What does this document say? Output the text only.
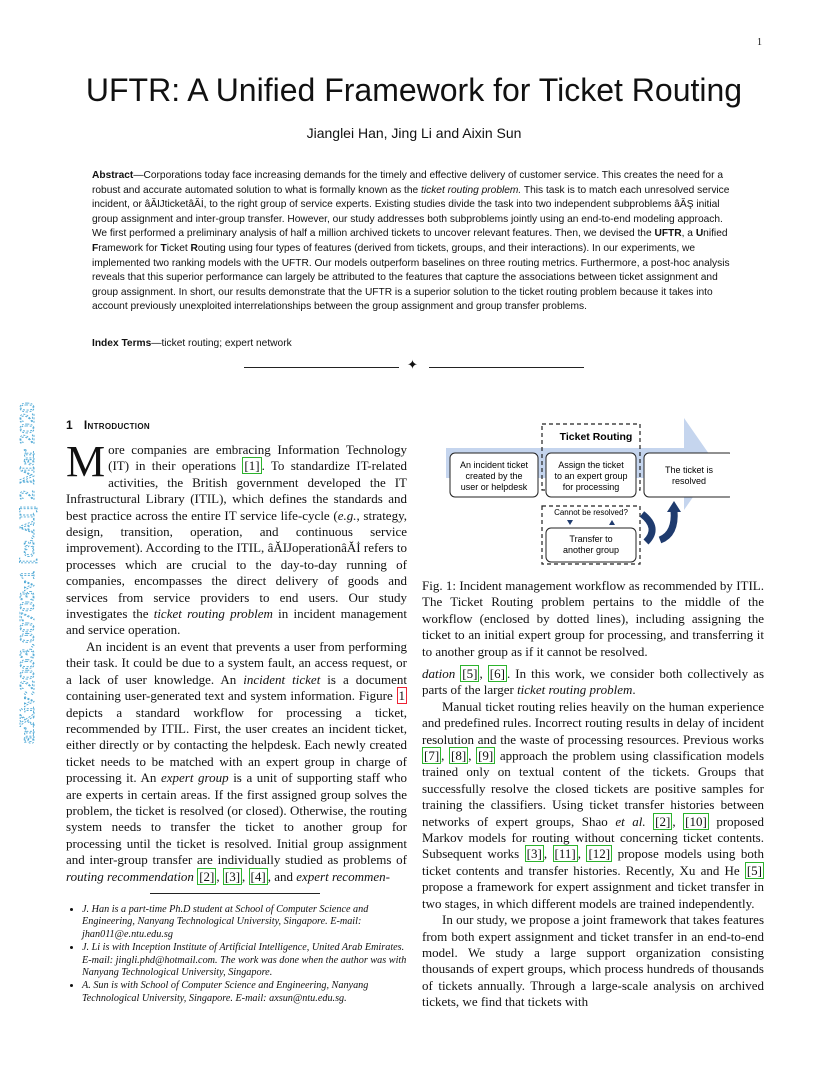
1
arXiv:2003.00703v1 [cs.AI] 2 Mar 2020
UFTR: A Unified Framework for Ticket Routing
Jianglei Han, Jing Li and Aixin Sun
Abstract—Corporations today face increasing demands for the timely and effective delivery of customer service. This creates the need for a robust and accurate automated solution to what is formally known as the ticket routing problem. This task is to match each unresolved service incident, or âĂĲticketâĂİ, to the right group of service experts. Existing studies divide the task into two independent subproblems âĂŞ initial group assignment and inter-group transfer. However, our study addresses both subproblems jointly using an end-to-end modeling approach. We first performed a preliminary analysis of half a million archived tickets to uncover relevant features. Then, we devised the UFTR, a Unified Framework for Ticket Routing using four types of features (derived from tickets, groups, and their interactions). In our experiments, we implemented two ranking models with the UFTR. Our models outperform baselines on three routing metrics. Furthermore, a post-hoc analysis reveals that this superior performance can largely be attributed to the features that capture the associations between ticket assignment and group assignment. In short, our results demonstrate that the UFTR is a superior solution to the ticket routing problem because it takes into account previously unexploited interrelationships between the group assignment and group transfer problems.
Index Terms—ticket routing; expert network
✦
1 Introduction

More companies are embracing Information Technology (IT) in their operations [1] . To standardize IT-related activities, the British government developed the IT Infrastructural Library (ITIL), which defines the standards and best practice across the entire IT service life-cycle (e.g., strategy, design, transition, operation, and continuous service improvement). According to the ITIL, âĂĲoperationâĂİ refers to processes which are crucial to the day-to-day running of companies, encompasses the direct delivery of goods and services from service providers to end users. Our study investigates the ticket routing problem in incident management and service operation.

An incident is an event that prevents a user from performing their task. It could be due to a system fault, an access request, or a lack of user knowledge. An incident ticket is a document containing user-generated text and system information. Figure 1 depicts a standard workflow for processing a ticket, recommended by ITIL. First, the user creates an incident ticket, either directly or by contacting the helpdesk. Each newly created ticket needs to be matched with an expert group in charge of processing it. An expert group is a unit of supporting staff who are experts in certain areas. If the first assigned group solves the problem, the ticket is resolved (or closed). Otherwise, the routing system needs to transfer the ticket to another group for processing until the ticket is resolved. Initial group assignment and inter-group transfer are individually studied as problems of routing recommendation [2] , [3] , [4] , and expert recommen-

• J. Han is a part-time Ph.D student at School of Computer Science and Engineering, Nanyang Technological University, Singapore. E-mail: jhan011@e.ntu.edu.sg
• J. Li is with Inception Institute of Artificial Intelligence, United Arab Emirates. E-mail: jingli.phd@hotmail.com. The work was done when the author was with Nanyang Technological University, Singapore.
• A. Sun is with School of Computer Science and Engineering, Nanyang Technological University, Singapore. E-mail: axsun@ntu.edu.sg.
Ticket Routing
An incident ticket
created by the
user or helpdesk
Assign the ticket
to an expert group
for processing
The ticket is
resolved
Cannot be resolved?
Transfer to
another group
Fig. 1: Incident management workflow as recommended by ITIL. The Ticket Routing problem pertains to the middle of the workflow (enclosed by dotted lines), including assigning the ticket to an initial expert group for processing, and transferring it to another group as if it cannot be resolved.

dation [5] , [6] . In this work, we consider both collectively as parts of the larger ticket routing problem.

Manual ticket routing relies heavily on the human experience and predefined rules. Incorrect routing results in delay of incident resolution and the waste of processing resources. Previous works [7] , [8] , [9] approach the problem using classification models trained only on textual content of the tickets. Groups that successfully resolve the closed tickets are positive samples for training the classifiers. Using ticket transfer histories between networks of expert groups, Shao et al. [2] , [10] proposed Markov models for routing without concerning ticket contents. Subsequent works [3] , [11] , [12] propose models using both ticket contents and transfer histories. Recently, Xu and He [5] propose a framework for expert assignment and ticket transfer in two stages, in which different models are trained independently.

In our study, we propose a joint framework that takes features from both expert assignment and ticket transfer in an end-to-end model. We study a large support organization consisting thousands of expert groups, which process hundreds of thousands of tickets annually. Through a large-scale analysis on archived tickets, we find that tickets with
